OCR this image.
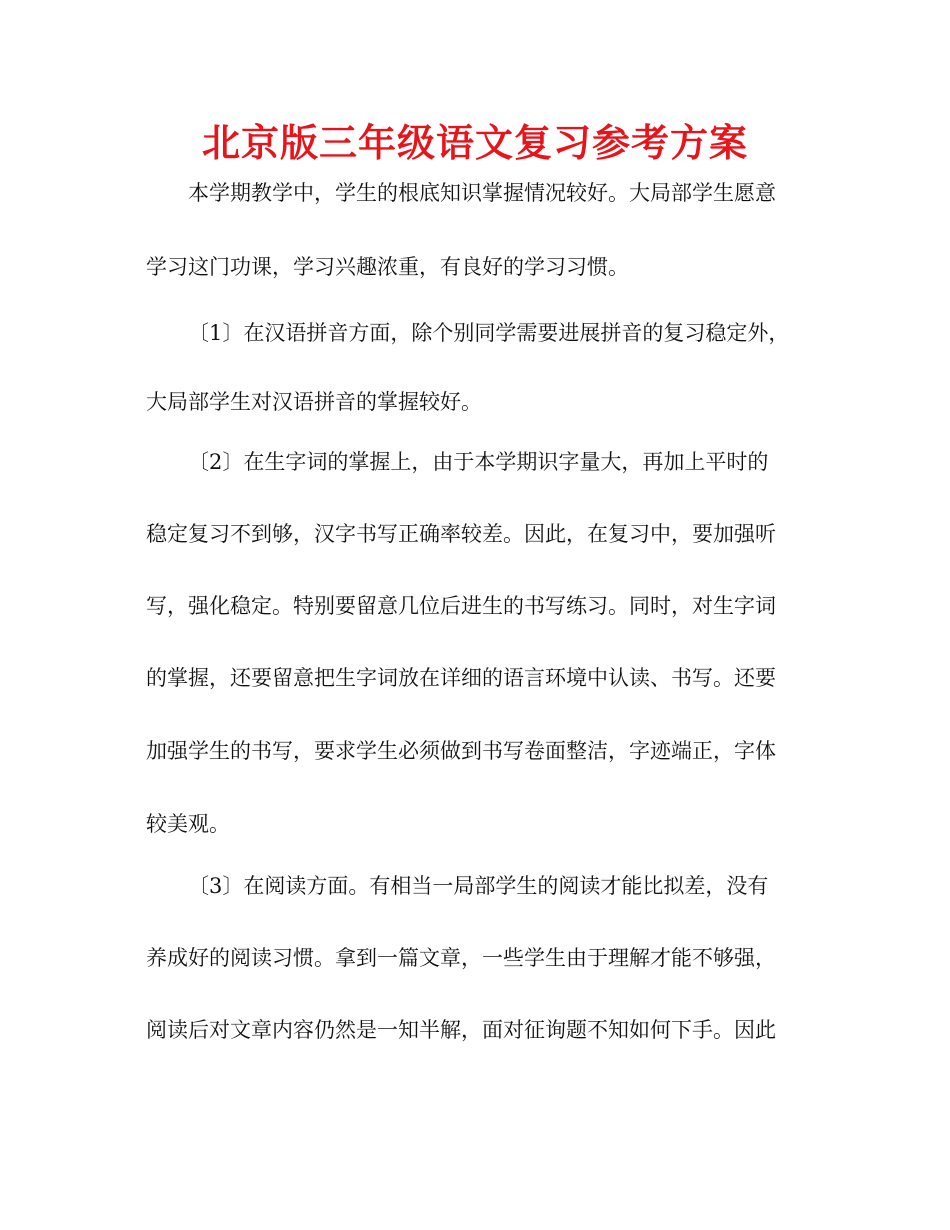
北京版三年级语文复习参考方案

本学期教学中，学生的根底知识掌握情况较好。大局部学生愿意

学习这门功课，学习兴趣浓重，有良好的学习习惯。

〔1〕在汉语拼音方面，除个别同学需要进展拼音的复习稳定外，

大局部学生对汉语拼音的掌握较好。

〔2〕在生字词的掌握上，由于本学期识字量大，再加上平时的

稳定复习不到够，汉字书写正确率较差。因此，在复习中，要加强听

写，强化稳定。特别要留意几位后进生的书写练习。同时，对生字词

的掌握，还要留意把生字词放在详细的语言环境中认读、书写。还要

加强学生的书写，要求学生必须做到书写卷面整洁，字迹端正，字体

较美观。

〔3〕在阅读方面。有相当一局部学生的阅读才能比拟差，没有

养成好的阅读习惯。拿到一篇文章，一些学生由于理解才能不够强，

阅读后对文章内容仍然是一知半解，面对征询题不知如何下手。因此
